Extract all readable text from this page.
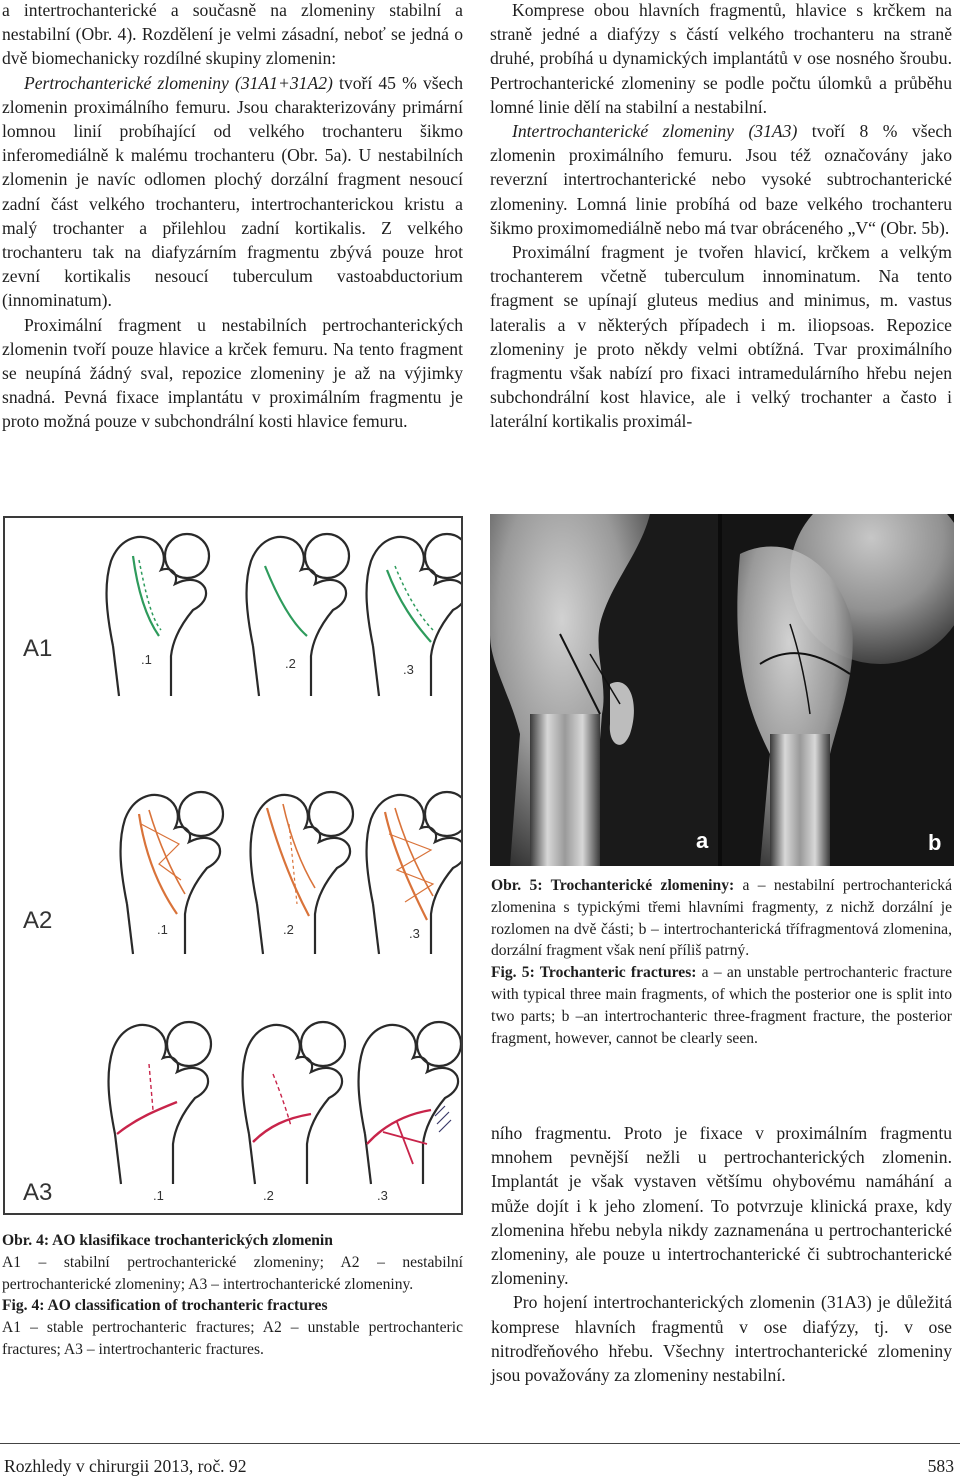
a intertrochanterické a současně na zlomeniny stabilní a nestabilní (Obr. 4). Rozdělení je velmi zásadní, neboť se jedná o dvě biomechanicky rozdílné skupiny zlomenin:

Pertrochanterické zlomeniny (31A1+31A2) tvoří 45 % všech zlomenin proximálního femuru. Jsou charakterizovány primární lomnou linií probíhající od velkého trochanteru šikmo inferomediálně k malému trochanteru (Obr. 5a). U nestabilních zlomenin je navíc odlomen plochý dorzální fragment nesoucí zadní část velkého trochanteru, intertrochanterickou kristu a malý trochanter a přilehlou zadní kortikalis. Z velkého trochanteru tak na diafyzárním fragmentu zbývá pouze hrot zevní kortikalis nesoucí tuberculum vastoabductorium (innominatum).

Proximální fragment u nestabilních pertrochanterických zlomenin tvoří pouze hlavice a krček femuru. Na tento fragment se neupíná žádný sval, repozice zlomeniny je až na výjimky snadná. Pevná fixace implantátu v proximálním fragmentu je proto možná pouze v subchondrální kosti hlavice femuru.

Komprese obou hlavních fragmentů, hlavice s krčkem na straně jedné a diafýzy s částí velkého trochanteru na straně druhé, probíhá u dynamických implantátů v ose nosného šroubu. Pertrochanterické zlomeniny se podle počtu úlomků a průběhu lomné linie dělí na stabilní a nestabilní.

Intertrochanterické zlomeniny (31A3) tvoří 8 % všech zlomenin proximálního femuru. Jsou též označovány jako reverzní intertrochanterické nebo vysoké subtrochanterické zlomeniny. Lomná linie probíhá od baze velkého trochanteru šikmo proximomediálně nebo má tvar obráceného „V“ (Obr. 5b).

Proximální fragment je tvořen hlavicí, krčkem a velkým trochanterem včetně tuberculum innominatum. Na tento fragment se upínají gluteus medius and minimus, m. vastus lateralis a v některých případech i m. iliopsoas. Repozice zlomeniny je proto někdy velmi obtížná. Tvar proximálního fragmentu však nabízí pro fixaci intramedulárního hřebu nejen subchondrální kost hlavice, ale i velký trochanter a často i laterální kortikalis proximál-

A1	.1	.2	.3
A2	.1	.2	.3
A3	.1	.2	.3
a	b

Obr. 5: Trochanterické zlomeniny: a – nestabilní pertrochanterická zlomenina s typickými třemi hlavními fragmenty, z nichž dorzální je rozlomen na dvě části; b – intertrochanterická třífragmentová zlomenina, dorzální fragment však není příliš patrný.

Fig. 5: Trochanteric fractures: a – an unstable pertrochanteric fracture with typical three main fragments, of which the posterior one is split into two parts; b –an intertrochanteric three-fragment fracture, the posterior fragment, however, cannot be clearly seen.

Obr. 4: AO klasifikace trochanterických zlomenin

A1 – stabilní pertrochanterické zlomeniny; A2 – nestabilní pertrochanterické zlomeniny; A3 – intertrochanterické zlomeniny.

Fig. 4: AO classification of trochanteric fractures

A1 – stable pertrochanteric fractures; A2 – unstable pertrochanteric fractures; A3 – intertrochanteric fractures.

ního fragmentu. Proto je fixace v proximálním fragmentu mnohem pevnější nežli u pertrochanterických zlomenin. Implantát je však vystaven většímu ohybovému namáhání a může dojít i k jeho zlomení. To potvrzuje klinická praxe, kdy zlomenina hřebu nebyla nikdy zaznamenána u pertrochanterické zlomeniny, ale pouze u intertrochanterické či subtrochanterické zlomeniny.

Pro hojení intertrochanterických zlomenin (31A3) je důležitá komprese hlavních fragmentů v ose diafýzy, tj. v ose nitrodřeňového hřebu. Všechny intertrochanterické zlomeniny jsou považovány za zlomeniny nestabilní.

Rozhledy v chirurgii 2013, roč. 92	583
